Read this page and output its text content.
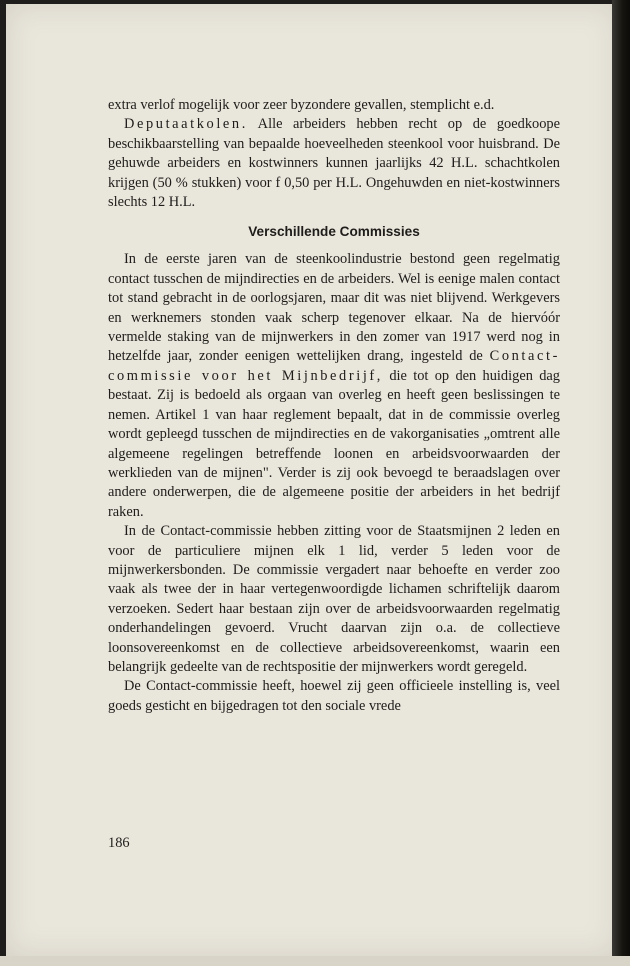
extra verlof mogelijk voor zeer byzondere gevallen, stemplicht e.d.

Deputaatkolen. Alle arbeiders hebben recht op de goedkoope beschikbaarstelling van bepaalde hoeveelheden steenkool voor huisbrand. De gehuwde arbeiders en kostwinners kunnen jaarlijks 42 H.L. schachtkolen krijgen (50 % stukken) voor f 0,50 per H.L. Ongehuwden en niet-kostwinners slechts 12 H.L.

Verschillende Commissies

In de eerste jaren van de steenkoolindustrie bestond geen regelmatig contact tusschen de mijndirecties en de arbeiders. Wel is eenige malen contact tot stand gebracht in de oorlogsjaren, maar dit was niet blijvend. Werkgevers en werknemers stonden vaak scherp tegenover elkaar. Na de hiervóór vermelde staking van de mijnwerkers in den zomer van 1917 werd nog in hetzelfde jaar, zonder eenigen wettelijken drang, ingesteld de Contact-commissie voor het Mijnbedrijf, die tot op den huidigen dag bestaat. Zij is bedoeld als orgaan van overleg en heeft geen beslissingen te nemen. Artikel 1 van haar reglement bepaalt, dat in de commissie overleg wordt gepleegd tusschen de mijndirecties en de vakorganisaties „omtrent alle algemeene regelingen betreffende loonen en arbeidsvoorwaarden der werklieden van de mijnen". Verder is zij ook bevoegd te beraadslagen over andere onderwerpen, die de algemeene positie der arbeiders in het bedrijf raken.

In de Contact-commissie hebben zitting voor de Staatsmijnen 2 leden en voor de particuliere mijnen elk 1 lid, verder 5 leden voor de mijnwerkersbonden. De commissie vergadert naar behoefte en verder zoo vaak als twee der in haar vertegenwoordigde lichamen schriftelijk daarom verzoeken. Sedert haar bestaan zijn over de arbeidsvoorwaarden regelmatig onderhandelingen gevoerd. Vrucht daarvan zijn o.a. de collectieve loonsovereenkomst en de collectieve arbeidsovereenkomst, waarin een belangrijk gedeelte van de rechtspositie der mijnwerkers wordt geregeld.

De Contact-commissie heeft, hoewel zij geen officieele instelling is, veel goeds gesticht en bijgedragen tot den sociale vrede

186
